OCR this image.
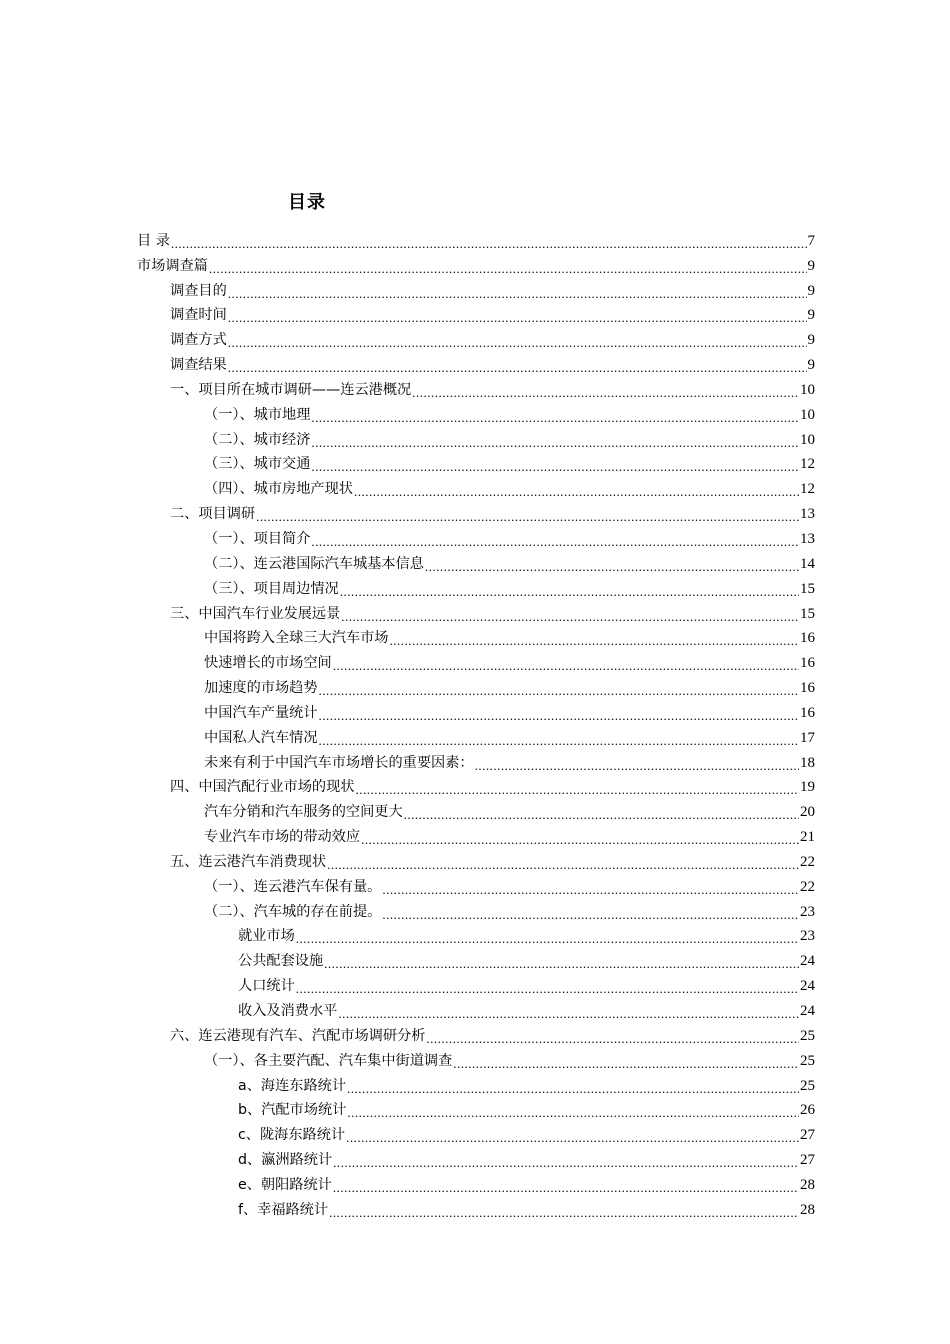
目录
目 录 .....	7
市场调查篇 .....	9
调查目的 .....	9
调查时间 .....	9
调查方式 .....	9
调查结果 .....	9
一、项目所在城市调研——连云港概况 .....	10
（一）、城市地理 .....	10
（二）、城市经济 .....	10
（三）、城市交通 .....	12
（四）、城市房地产现状 .....	12
二、项目调研 .....	13
（一）、项目简介 .....	13
（二）、连云港国际汽车城基本信息 .....	14
（三）、项目周边情况 .....	15
三、中国汽车行业发展远景 .....	15
中国将跨入全球三大汽车市场 .....	16
快速增长的市场空间 .....	16
加速度的市场趋势 .....	16
中国汽车产量统计 .....	16
中国私人汽车情况 .....	17
未来有利于中国汽车市场增长的重要因素： .....	18
四、中国汽配行业市场的现状 .....	19
汽车分销和汽车服务的空间更大 .....	20
专业汽车市场的带动效应 .....	21
五、连云港汽车消费现状 .....	22
（一）、连云港汽车保有量。 .....	22
（二）、汽车城的存在前提。 .....	23
就业市场 .....	23
公共配套设施 .....	24
人口统计 .....	24
收入及消费水平 .....	24
六、连云港现有汽车、汽配市场调研分析 .....	25
（一）、各主要汽配、汽车集中街道调查 .....	25
a、海连东路统计 .....	25
b、汽配市场统计 .....	26
c、陇海东路统计 .....	27
d、瀛洲路统计 .....	27
e、朝阳路统计 .....	28
f、幸福路统计 .....	28
